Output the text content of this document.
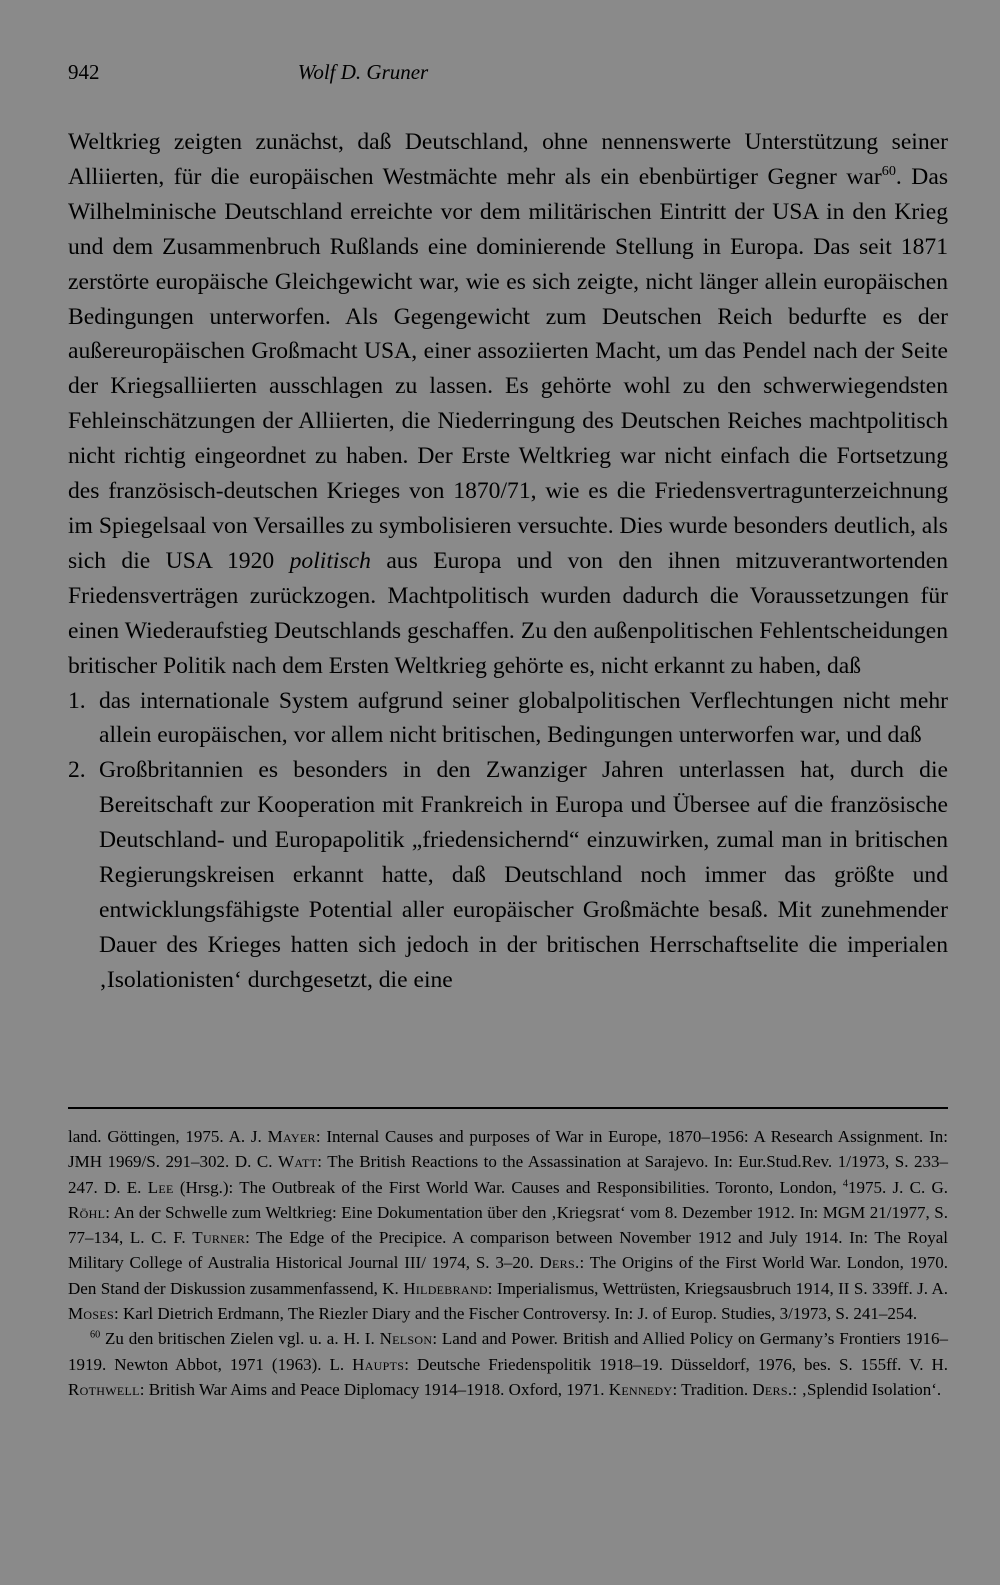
942	Wolf D. Gruner

Weltkrieg zeigten zunächst, daß Deutschland, ohne nennenswerte Unterstützung seiner Alliierten, für die europäischen Westmächte mehr als ein ebenbürtiger Gegner war$^{60}$. Das Wilhelminische Deutschland erreichte vor dem militärischen Eintritt der USA in den Krieg und dem Zusammenbruch Rußlands eine dominierende Stellung in Europa. Das seit 1871 zerstörte europäische Gleichgewicht war, wie es sich zeigte, nicht länger allein europäischen Bedingungen unterworfen. Als Gegengewicht zum Deutschen Reich bedurfte es der außereuropäischen Großmacht USA, einer assoziierten Macht, um das Pendel nach der Seite der Kriegsalliierten ausschlagen zu lassen. Es gehörte wohl zu den schwerwiegendsten Fehleinschätzungen der Alliierten, die Niederringung des Deutschen Reiches machtpolitisch nicht richtig eingeordnet zu haben. Der Erste Weltkrieg war nicht einfach die Fortsetzung des französisch-deutschen Krieges von 1870/71, wie es die Friedensvertragunterzeichnung im Spiegelsaal von Versailles zu symbolisieren versuchte. Dies wurde besonders deutlich, als sich die USA 1920 politisch aus Europa und von den ihnen mitzuverantwortenden Friedensverträgen zurückzogen. Machtpolitisch wurden dadurch die Voraussetzungen für einen Wiederaufstieg Deutschlands geschaffen. Zu den außenpolitischen Fehlentscheidungen britischer Politik nach dem Ersten Weltkrieg gehörte es, nicht erkannt zu haben, daß

1. das internationale System aufgrund seiner globalpolitischen Verflechtungen nicht mehr allein europäischen, vor allem nicht britischen, Bedingungen unterworfen war, und daß
2. Großbritannien es besonders in den Zwanziger Jahren unterlassen hat, durch die Bereitschaft zur Kooperation mit Frankreich in Europa und Übersee auf die französische Deutschland- und Europapolitik „friedensichernd“ einzuwirken, zumal man in britischen Regierungskreisen erkannt hatte, daß Deutschland noch immer das größte und entwicklungsfähigste Potential aller europäischer Großmächte besaß. Mit zunehmender Dauer des Krieges hatten sich jedoch in der britischen Herrschaftselite die imperialen ‚Isolationisten‘ durchgesetzt, die eine

land. Göttingen, 1975. A. J. Mayer: Internal Causes and purposes of War in Europe, 1870–1956: A Research Assignment. In: JMH 1969/S. 291–302. D. C. Watt: The British Reactions to the Assassination at Sarajevo. In: Eur.Stud.Rev. 1/1973, S. 233–247. D. E. Lee (Hrsg.): The Outbreak of the First World War. Causes and Responsibilities. Toronto, London, $^4$1975. J. C. G. Röhl: An der Schwelle zum Weltkrieg: Eine Dokumentation über den ‚Kriegsrat‘ vom 8. Dezember 1912. In: MGM 21/1977, S. 77–134, L. C. F. Turner: The Edge of the Precipice. A comparison between November 1912 and July 1914. In: The Royal Military College of Australia Historical Journal III/ 1974, S. 3–20. Ders.: The Origins of the First World War. London, 1970. Den Stand der Diskussion zusammenfassend, K. Hildebrand: Imperialismus, Wettrüsten, Kriegsausbruch 1914, II S. 339ff. J. A. Moses: Karl Dietrich Erdmann, The Riezler Diary and the Fischer Controversy. In: J. of Europ. Studies, 3/1973, S. 241–254.

$^{60}$ Zu den britischen Zielen vgl. u. a. H. I. Nelson: Land and Power. British and Allied Policy on Germany’s Frontiers 1916–1919. Newton Abbot, 1971 (1963). L. Haupts: Deutsche Friedenspolitik 1918–19. Düsseldorf, 1976, bes. S. 155ff. V. H. Rothwell: British War Aims and Peace Diplomacy 1914–1918. Oxford, 1971. Kennedy: Tradition. Ders.: ‚Splendid Isolation‘.
